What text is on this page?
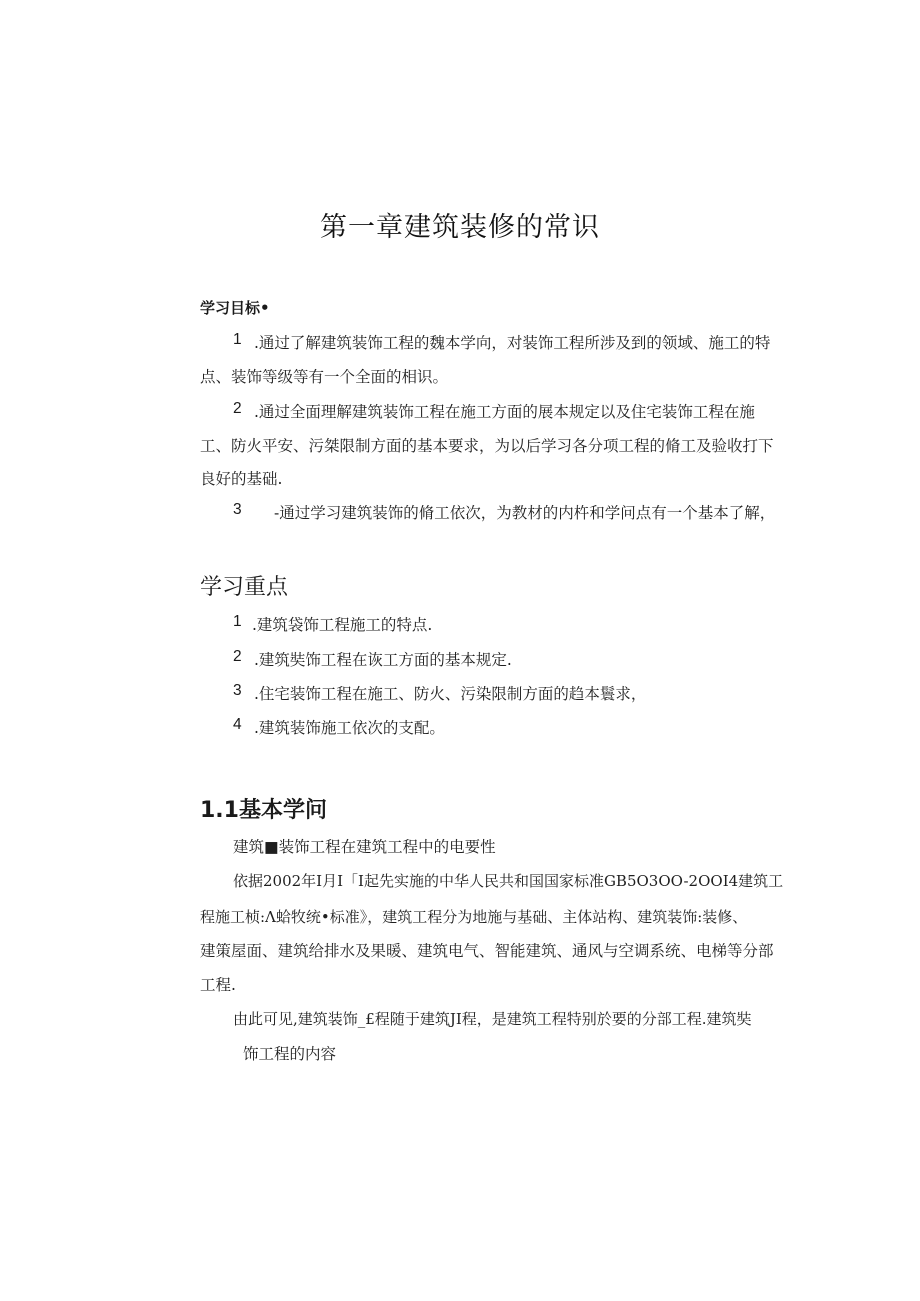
第一章建筑装修的常识
学习目标•
1 .通过了解建筑装饰工程的魏本学向，对装饰工程所涉及到的领域、施工的特
点、装饰等级等有一个全面的相识。
2 .通过全面理解建筑装饰工程在施工方面的展本规定以及住宅装饰工程在施
工、防火平安、污桀限制方面的基本要求，为以后学习各分项工程的脩工及验收打下
良好的基础.
3 -通过学习建筑装饰的脩工依次，为教材的内杵和学问点有一个基本了解，
学习重点
1 .建筑袋饰工程施工的特点.
2 .建筑奘饰工程在诙工方面的基本规定.
3 .住宅装饰工程在施工、防火、污染限制方面的趋本鬟求，
4 .建筑装饰施工依次的支配。
1.1基本学问
建筑■装饰工程在建筑工程中的电要性
依据2002年I月I「I起先实施的中华人民共和国国家标准GB5O3OO-2OOI4建筑工
程施工桢:Λ蛤牧统•标准》，建筑工程分为地施与基础、主体站构、建筑装饰:装修、
建策屋面、建筑给排水及果暖、建筑电气、智能建筑、通风与空调系统、电梯等分部
工程.
由此可见,建筑装饰_£程随于建筑JI程，是建筑工程特别於要的分部工程.建筑奘
饰工程的内容
